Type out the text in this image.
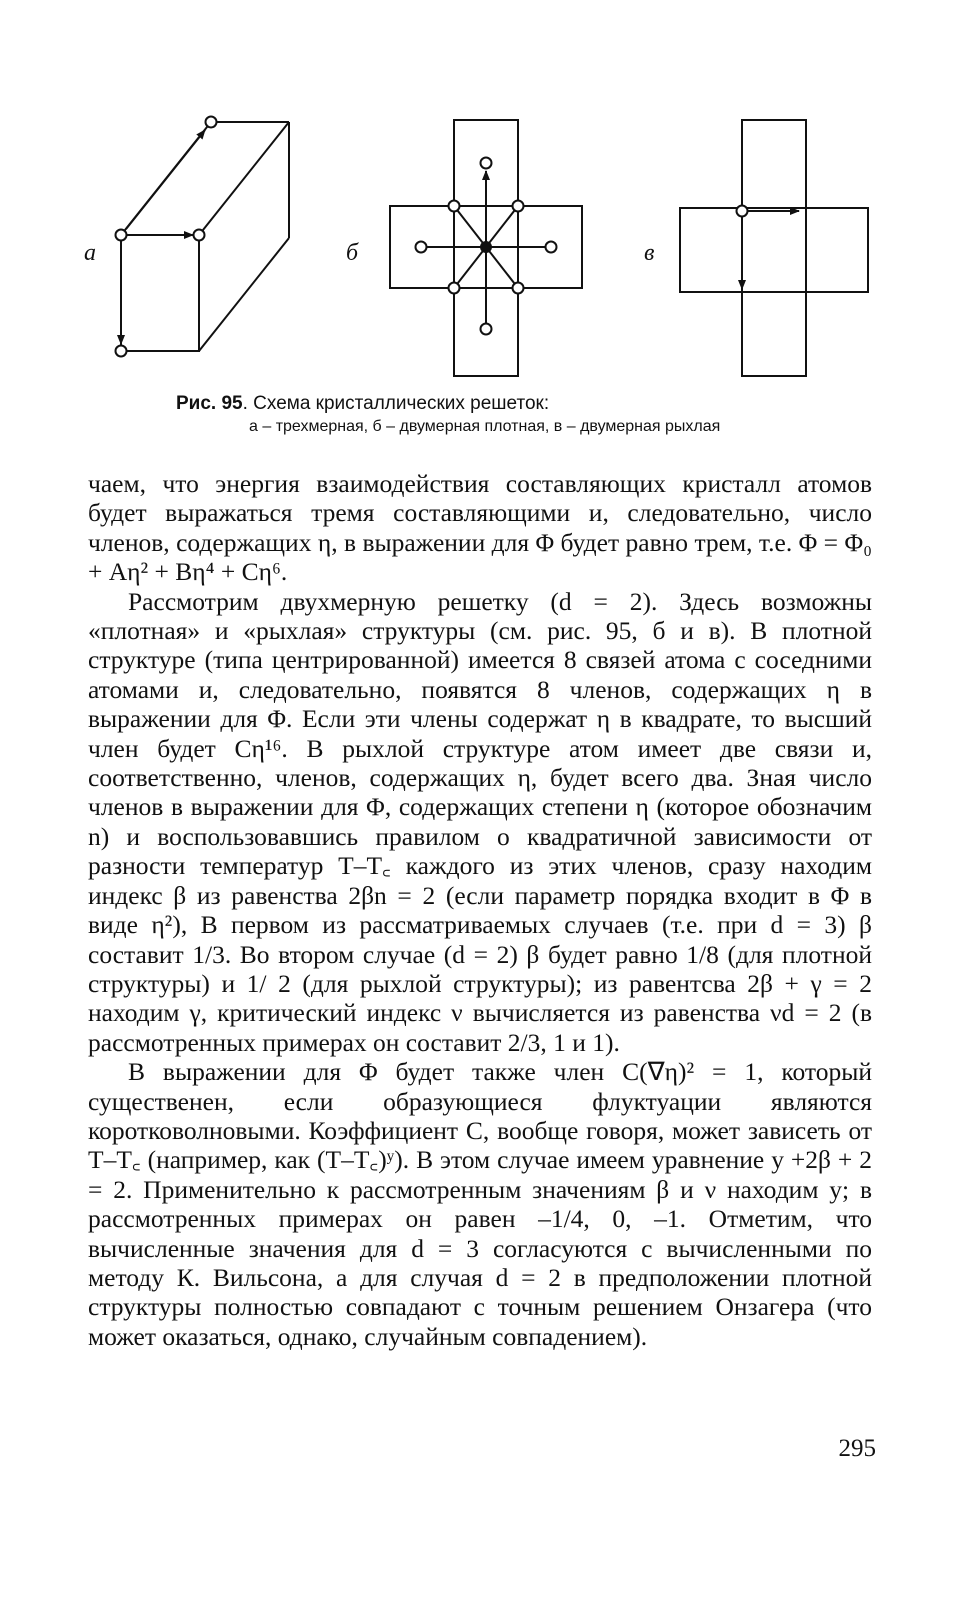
а	б	в
Рис. 95. Схема кристаллических решеток:
а – трехмерная, б – двумерная плотная, в – двумерная рыхлая

чаем, что энергия взаимодействия составляющих кристалл атомов будет выражаться тремя составляющими и, следовательно, число членов, содержащих η, в выражении для Φ будет равно трем, т.е. Φ = Φ₀ + Aη² + Bη⁴ + Cη⁶.

Рассмотрим двухмерную решетку (d = 2). Здесь возможны «плотная» и «рыхлая» структуры (см. рис. 95, б и в). В плотной структуре (типа центрированной) имеется 8 связей атома с соседними атомами и, следовательно, появятся 8 членов, содержащих η в выражении для Φ. Если эти члены содержат η в квадрате, то высший член будет Cη¹⁶. В рыхлой структуре атом имеет две связи и, соответственно, членов, содержащих η, будет всего два. Зная число членов в выражении для Φ, содержащих степени η (которое обозначим n) и воспользовавшись правилом о квадратичной зависимости от разности температур T–T꜀ каждого из этих членов, сразу находим индекс β из равенства 2βn = 2 (если параметр порядка входит в Φ в виде η²), В первом из рассматриваемых случаев (т.е. при d = 3) β составит 1/3. Во втором случае (d = 2) β будет равно 1/8 (для плотной структуры) и 1/ 2 (для рыхлой структуры); из равентсва 2β + γ = 2 находим γ, критический индекс ν вычисляется из равенства νd = 2 (в рассмотренных примерах он составит 2/3, 1 и 1).

В выражении для Φ будет также член C(∇η)² = 1, который существенен, если образующиеся флуктуации являются коротковолновыми. Коэффициент C, вообще говоря, может зависеть от T–T꜀ (например, как (T–T꜀)ʸ). В этом случае имеем уравнение y +2β + 2 = 2. Применительно к рассмотренным значениям β и ν находим y; в рассмотренных примерах он равен –1/4, 0, –1. Отметим, что вычисленные значения для d = 3 согласуются с вычисленными по методу К. Вильсона, а для случая d = 2 в предположении плотной структуры полностью совпадают с точным решением Онзагера (что может оказаться, однако, случайным совпадением).

295
